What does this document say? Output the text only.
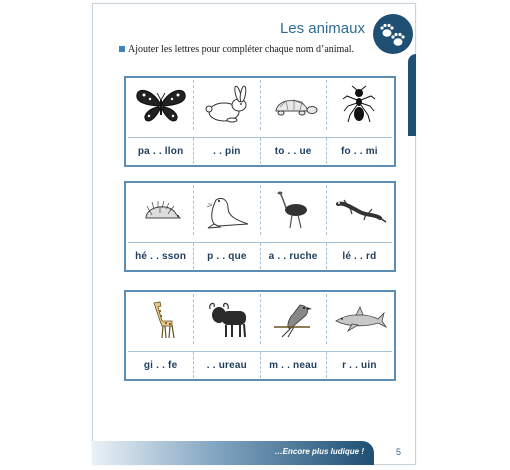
Les animaux
Ajouter les lettres pour compléter chaque nom d’animal.
pa . . llon	. . pin	to . . ue	fo . . mi
hé . . sson	p . . que	a . . ruche	lé . . rd
gi . . fe	. . ureau	m . . neau	r . . uin
…Encore plus ludique !	5
